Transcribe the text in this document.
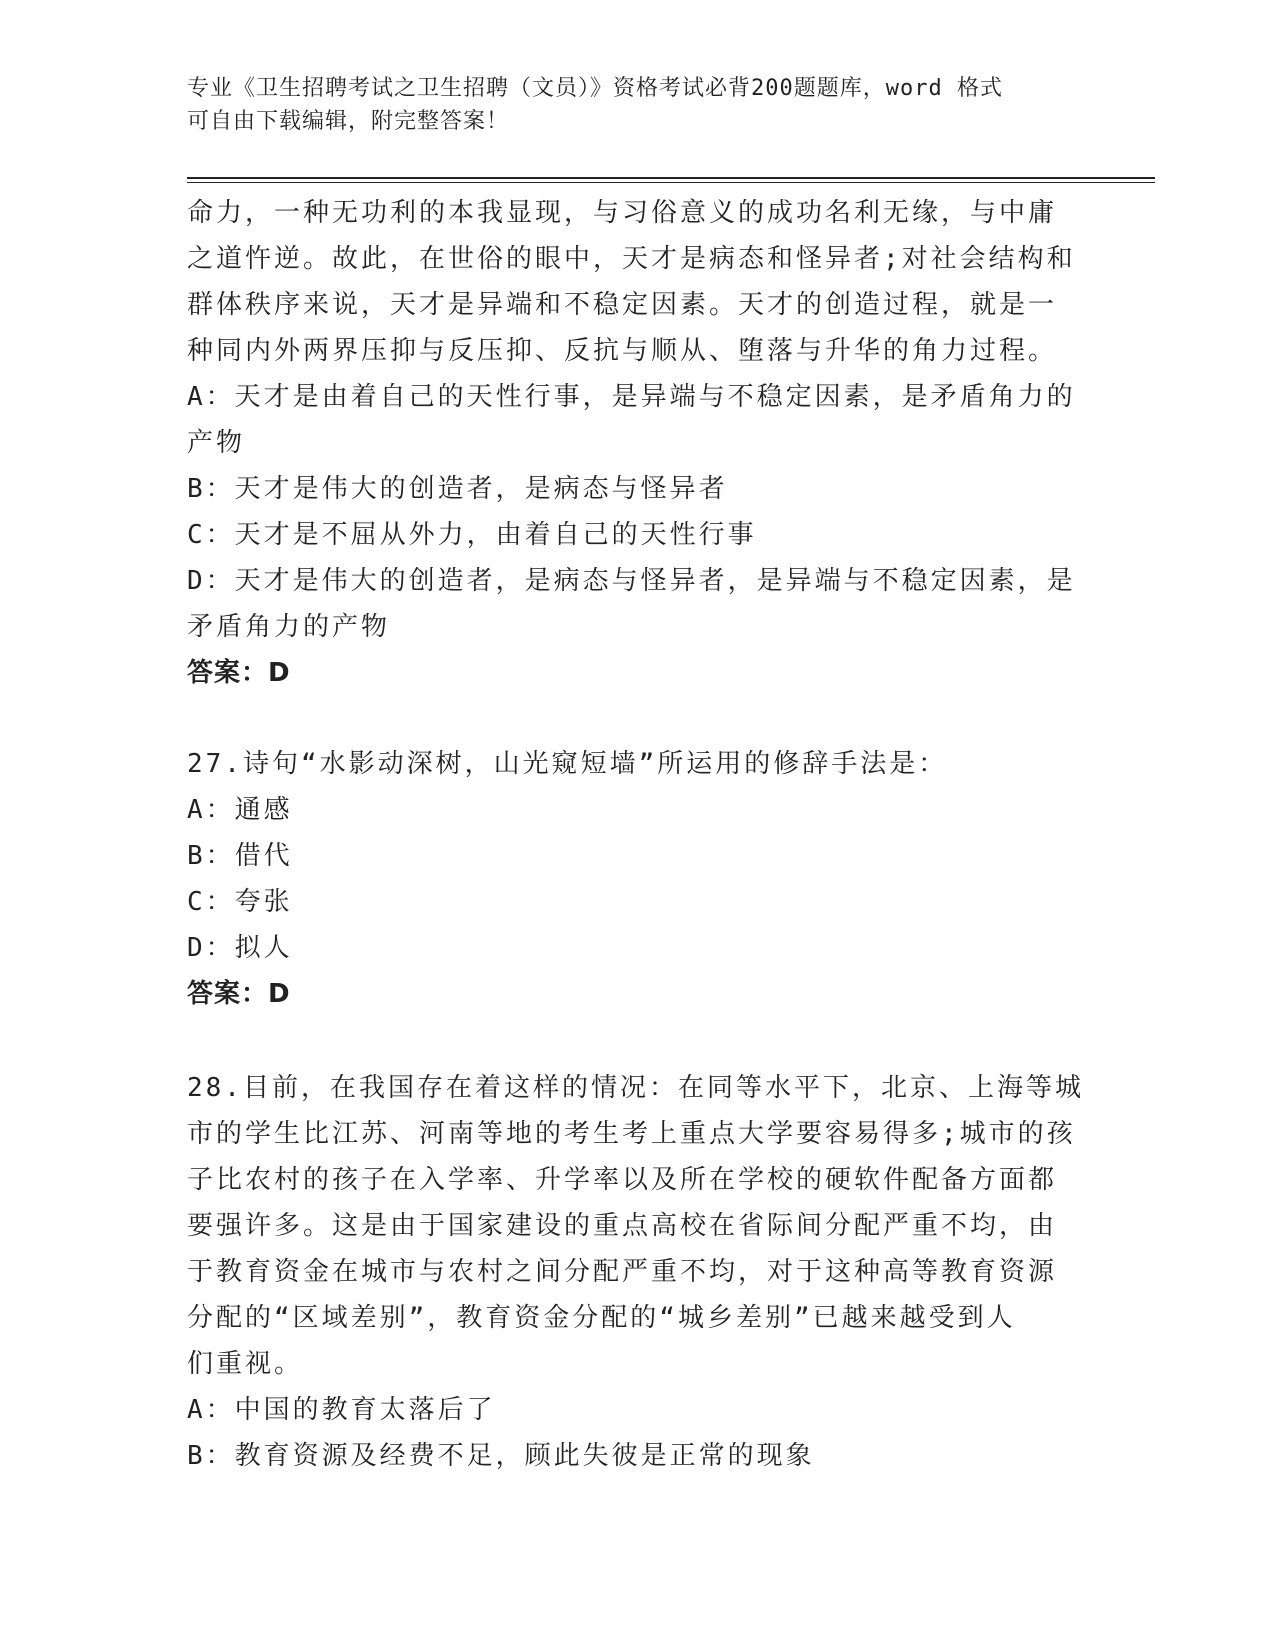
专业《卫生招聘考试之卫生招聘（文员）》资格考试必背200题题库，word 格式
可自由下载编辑，附完整答案！
命力，一种无功利的本我显现，与习俗意义的成功名利无缘，与中庸
之道忤逆。故此，在世俗的眼中，天才是病态和怪异者;对社会结构和
群体秩序来说，天才是异端和不稳定因素。天才的创造过程，就是一
种同内外两界压抑与反压抑、反抗与顺从、堕落与升华的角力过程。
A：天才是由着自己的天性行事，是异端与不稳定因素，是矛盾角力的
产物
B：天才是伟大的创造者，是病态与怪异者
C：天才是不屈从外力，由着自己的天性行事
D：天才是伟大的创造者，是病态与怪异者，是异端与不稳定因素，是
矛盾角力的产物
答案：D
27.诗句“水影动深树，山光窥短墙”所运用的修辞手法是：
A：通感
B：借代
C：夸张
D：拟人
答案：D
28.目前，在我国存在着这样的情况：在同等水平下，北京、上海等城
市的学生比江苏、河南等地的考生考上重点大学要容易得多;城市的孩
子比农村的孩子在入学率、升学率以及所在学校的硬软件配备方面都
要强许多。这是由于国家建设的重点高校在省际间分配严重不均，由
于教育资金在城市与农村之间分配严重不均，对于这种高等教育资源
分配的“区域差别”，教育资金分配的“城乡差别”已越来越受到人
们重视。
A：中国的教育太落后了
B：教育资源及经费不足，顾此失彼是正常的现象
